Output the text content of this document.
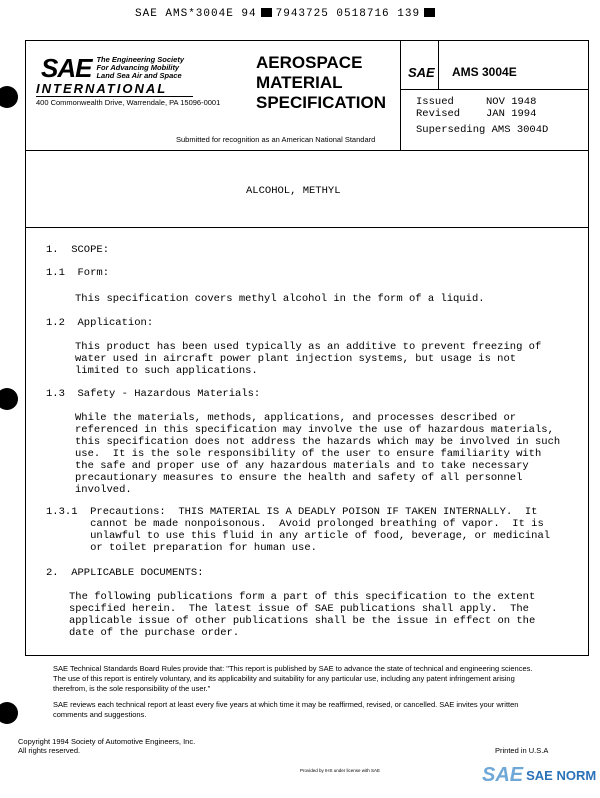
SAE AMS*3004E 94 7943725 0518716 139
SAE The Engineering Society
For Advancing Mobility
Land Sea Air and Space
INTERNATIONAL
400 Commonwealth Drive, Warrendale, PA 15096-0001
AEROSPACE
MATERIAL
SPECIFICATION
SAE AMS 3004E
Issued	NOV 1948
Revised JAN 1994
Superseding AMS 3004D
Submitted for recognition as an American National Standard
ALCOHOL, METHYL
1.  SCOPE:
1.1  Form:
This specification covers methyl alcohol in the form of a liquid.
1.2  Application:
This product has been used typically as an additive to prevent freezing of
water used in aircraft power plant injection systems, but usage is not
limited to such applications.
1.3  Safety - Hazardous Materials:
While the materials, methods, applications, and processes described or
referenced in this specification may involve the use of hazardous materials,
this specification does not address the hazards which may be involved in such
use.  It is the sole responsibility of the user to ensure familiarity with
the safe and proper use of any hazardous materials and to take necessary
precautionary measures to ensure the health and safety of all personnel
involved.
1.3.1  Precautions:  THIS MATERIAL IS A DEADLY POISON IF TAKEN INTERNALLY.  It
cannot be made nonpoisonous.  Avoid prolonged breathing of vapor.  It is
unlawful to use this fluid in any article of food, beverage, or medicinal
or toilet preparation for human use.
2.  APPLICABLE DOCUMENTS:
The following publications form a part of this specification to the extent
specified herein.  The latest issue of SAE publications shall apply.  The
applicable issue of other publications shall be the issue in effect on the
date of the purchase order.
SAE Technical Standards Board Rules provide that: "This report is published by SAE to advance the state of technical and engineering sciences. The use of this report is entirely voluntary, and its applicability and suitability for any particular use, including any patent infringement arising therefrom, is the sole responsibility of the user."
SAE reviews each technical report at least every five years at which time it may be reaffirmed, revised, or cancelled. SAE invites your written comments and suggestions.
Copyright 1994 Society of Automotive Engineers, Inc.
All rights reserved.	Printed in U.S.A
Provided by IHS under license with SAE	SAE SAE NORM
